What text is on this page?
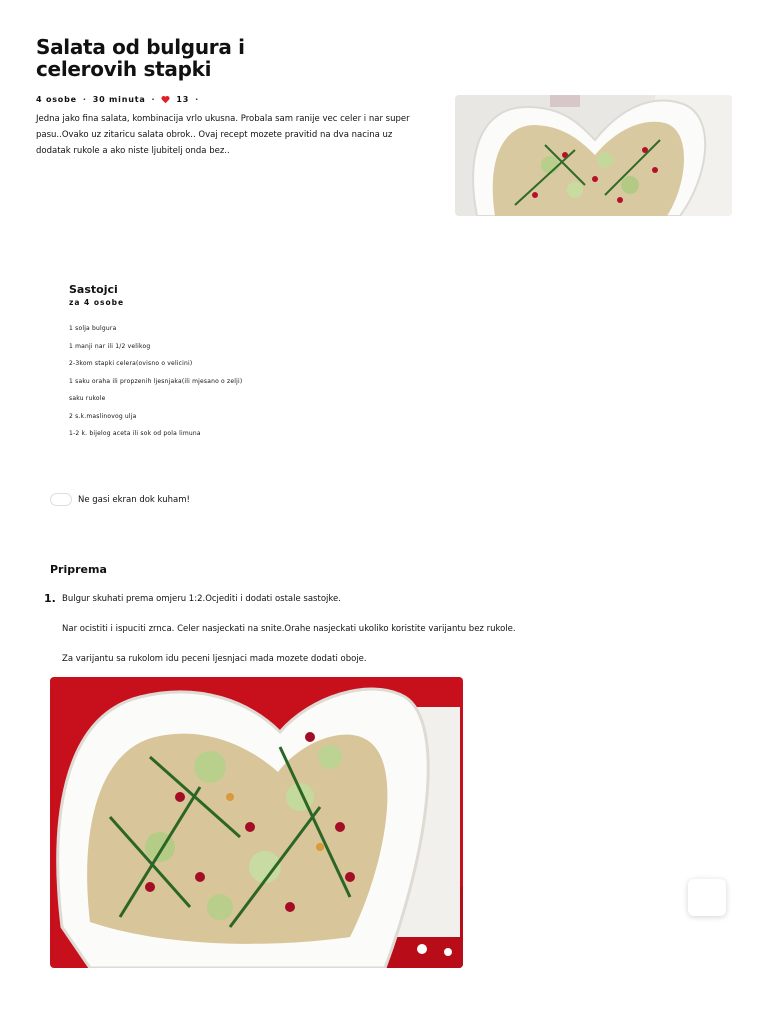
Salata od bulgura i celerovih stapki
4 osobe · 30 minuta ·	13 ·

Jedna jako fina salata, kombinacija vrlo ukusna. Probala sam ranije vec celer i nar super pasu..Ovako uz zitaricu salata obrok.. Ovaj recept mozete pravitid na dva nacina uz dodatak rukole a ako niste ljubitelj onda bez..

Sastojci
za 4 osobe
1 solja bulgura
1 manji nar ili 1/2 velikog
2-3kom stapki celera(ovisno o velicini)
1 saku oraha ili propzenih ljesnjaka(ili mjesano o zelji)
saku rukole
2 s.k.maslinovog ulja
1-2 k. bijelog aceta ili sok od pola limuna
Ne gasi ekran dok kuham!
Priprema
1. Bulgur skuhati prema omjeru 1:2.Ocjediti i dodati ostale sastojke.
Nar ocistiti i ispuciti zrnca. Celer nasjeckati na snite.Orahe nasjeckati ukoliko koristite varijantu bez rukole.
Za varijantu sa rukolom idu peceni ljesnjaci mada mozete dodati oboje.
